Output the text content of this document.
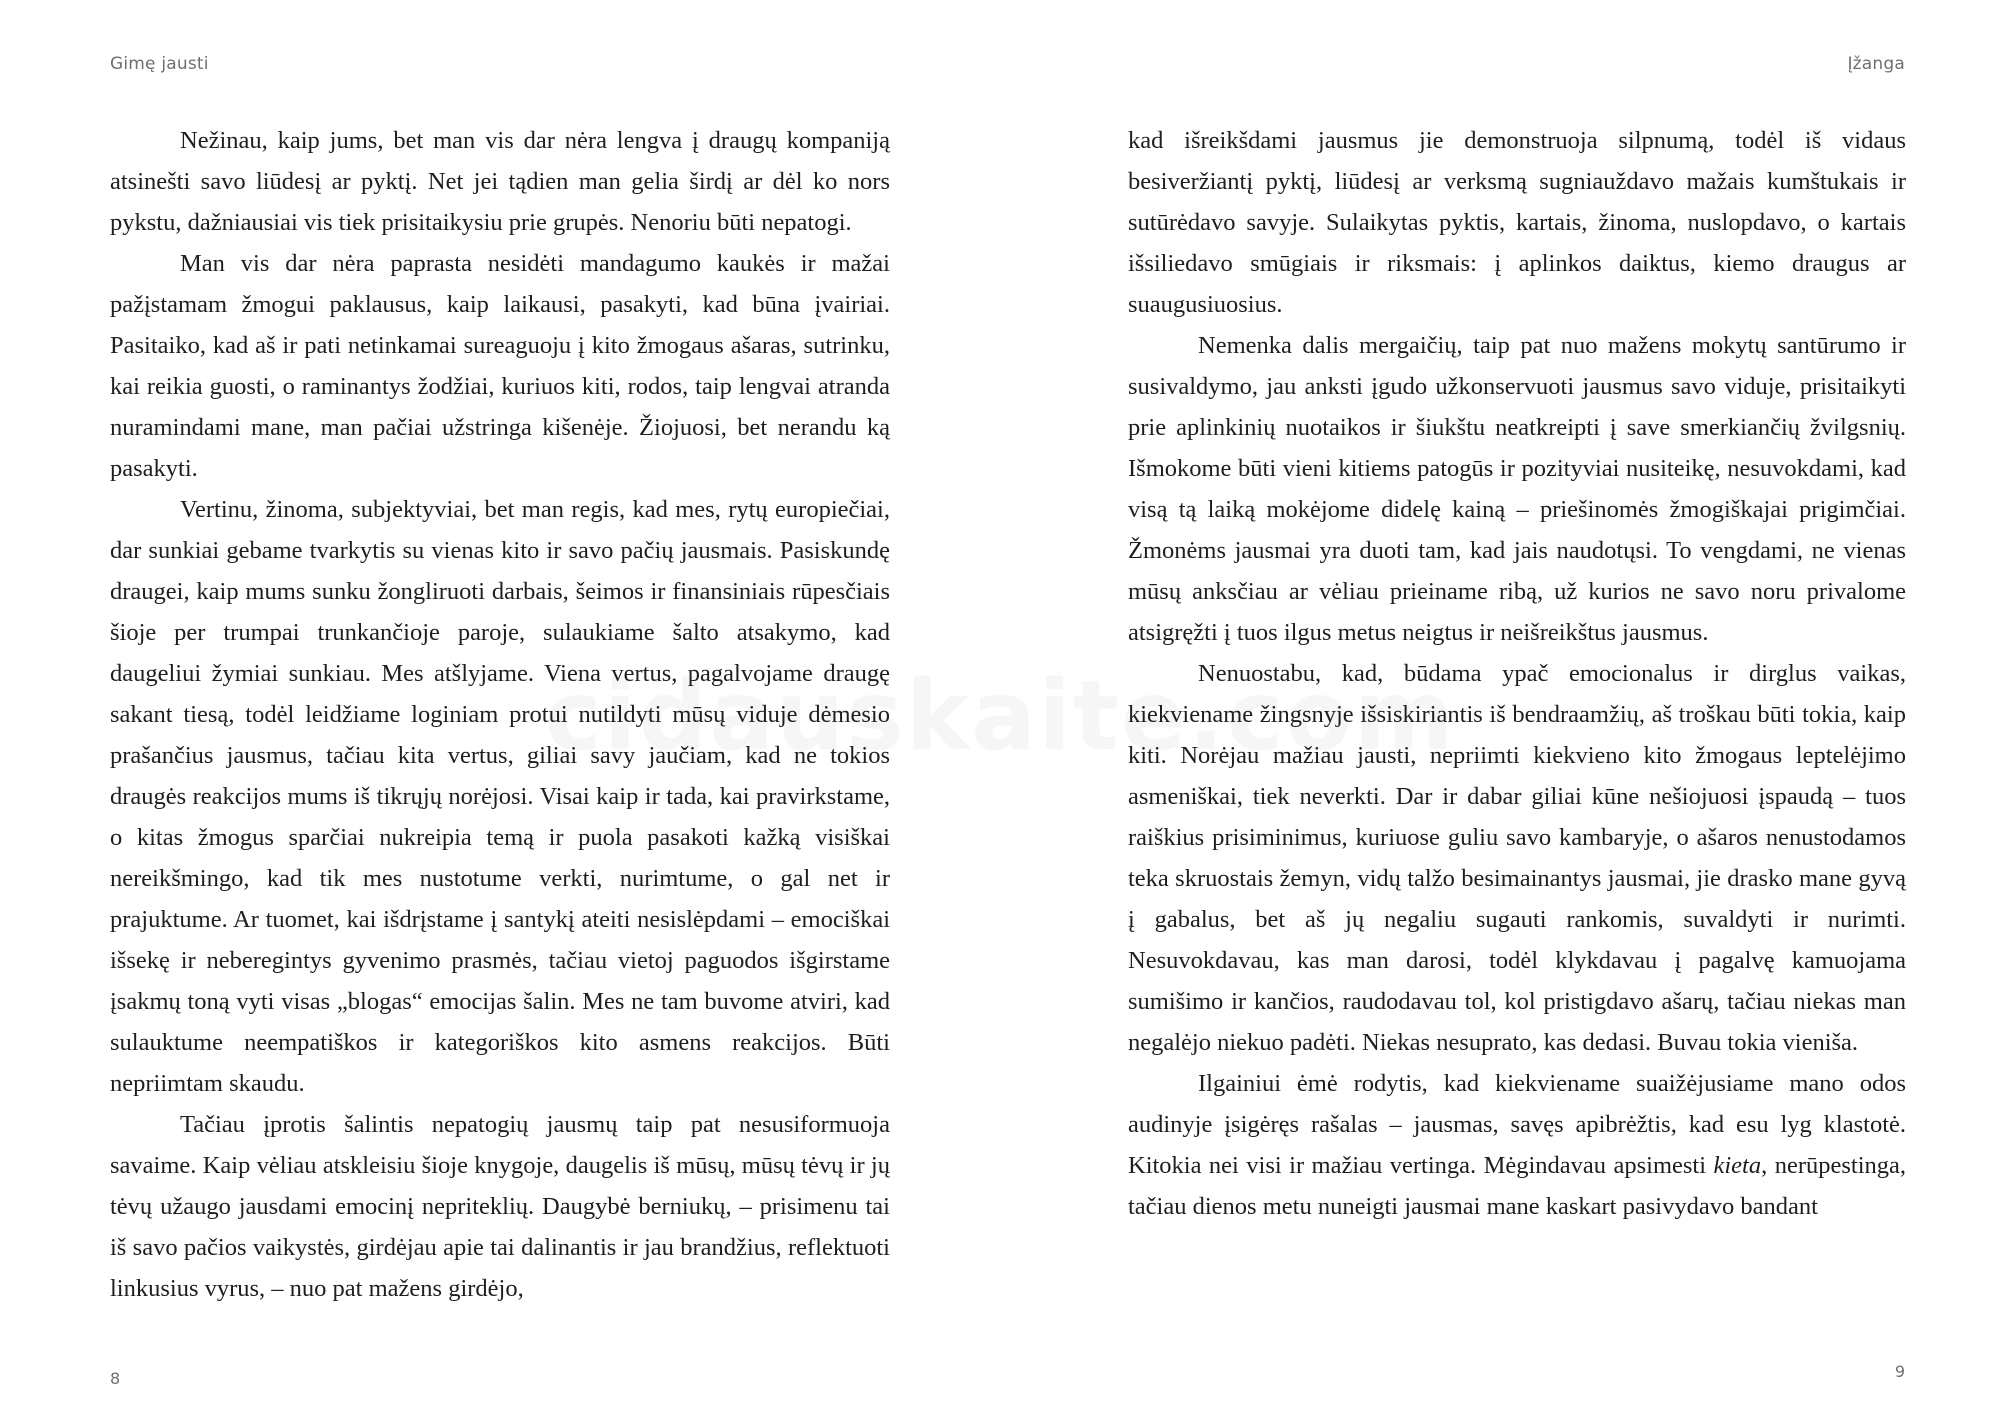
Gimę jausti	Įžanga

Nežinau, kaip jums, bet man vis dar nėra lengva į draugų kompaniją atsinešti savo liūdesį ar pyktį. Net jei tądien man gelia širdį ar dėl ko nors pykstu, dažniausiai vis tiek prisitaikysiu prie grupės. Nenoriu būti nepatogi.

Man vis dar nėra paprasta nesidėti mandagumo kaukės ir mažai pažįstamam žmogui paklausus, kaip laikausi, pasakyti, kad būna įvairiai. Pasitaiko, kad aš ir pati netinkamai sureaguoju į kito žmogaus ašaras, sutrinku, kai reikia guosti, o raminantys žodžiai, kuriuos kiti, rodos, taip lengvai atranda nuramindami mane, man pačiai užstringa kišenėje. Žiojuosi, bet nerandu ką pasakyti.

Vertinu, žinoma, subjektyviai, bet man regis, kad mes, rytų europiečiai, dar sunkiai gebame tvarkytis su vienas kito ir savo pačių jausmais. Pasiskundę draugei, kaip mums sunku žongliruoti darbais, šeimos ir finansiniais rūpesčiais šioje per trumpai trunkančioje paroje, sulaukiame šalto atsakymo, kad daugeliui žymiai sunkiau. Mes atšlyjame. Viena vertus, pagalvojame draugę sakant tiesą, todėl leidžiame loginiam protui nutildyti mūsų viduje dėmesio prašančius jausmus, tačiau kita vertus, giliai savy jaučiam, kad ne tokios draugės reakcijos mums iš tikrųjų norėjosi. Visai kaip ir tada, kai pravirkstame, o kitas žmogus sparčiai nukreipia temą ir puola pasakoti kažką visiškai nereikšmingo, kad tik mes nustotume verkti, nurimtume, o gal net ir prajuktume. Ar tuomet, kai išdrįstame į santykį ateiti nesislėpdami – emociškai išsekę ir neberegintys gyvenimo prasmės, tačiau vietoj paguodos išgirstame įsakmų toną vyti visas „blogas“ emocijas šalin. Mes ne tam buvome atviri, kad sulauktume neempatiškos ir kategoriškos kito asmens reakcijos. Būti nepriimtam skaudu.

Tačiau įprotis šalintis nepatogių jausmų taip pat nesusiformuoja savaime. Kaip vėliau atskleisiu šioje knygoje, daugelis iš mūsų, mūsų tėvų ir jų tėvų užaugo jausdami emocinį nepriteklių. Daugybė berniukų, – prisimenu tai iš savo pačios vaikystės, girdėjau apie tai dalinantis ir jau brandžius, reflektuoti linkusius vyrus, – nuo pat mažens girdėjo,

kad išreikšdami jausmus jie demonstruoja silpnumą, todėl iš vidaus besiveržiantį pyktį, liūdesį ar verksmą sugniauždavo mažais kumštukais ir sutūrėdavo savyje. Sulaikytas pyktis, kartais, žinoma, nuslopdavo, o kartais išsiliedavo smūgiais ir riksmais: į aplinkos daiktus, kiemo draugus ar suaugusiuosius.

Nemenka dalis mergaičių, taip pat nuo mažens mokytų santūrumo ir susivaldymo, jau anksti įgudo užkonservuoti jausmus savo viduje, prisitaikyti prie aplinkinių nuotaikos ir šiukštu neatkreipti į save smerkiančių žvilgsnių. Išmokome būti vieni kitiems patogūs ir pozityviai nusiteikę, nesuvokdami, kad visą tą laiką mokėjome didelę kainą – priešinomės žmogiškajai prigimčiai. Žmonėms jausmai yra duoti tam, kad jais naudotųsi. To vengdami, ne vienas mūsų anksčiau ar vėliau prieiname ribą, už kurios ne savo noru privalome atsigręžti į tuos ilgus metus neigtus ir neišreikštus jausmus.

Nenuostabu, kad, būdama ypač emocionalus ir dirglus vaikas, kiekviename žingsnyje išsiskiriantis iš bendraamžių, aš troškau būti tokia, kaip kiti. Norėjau mažiau jausti, nepriimti kiekvieno kito žmogaus leptelėjimo asmeniškai, tiek neverkti. Dar ir dabar giliai kūne nešiojuosi įspaudą – tuos raiškius prisiminimus, kuriuose guliu savo kambaryje, o ašaros nenustodamos teka skruostais žemyn, vidų talžo besimainantys jausmai, jie drasko mane gyvą į gabalus, bet aš jų negaliu sugauti rankomis, suvaldyti ir nurimti. Nesuvokdavau, kas man darosi, todėl klykdavau į pagalvę kamuojama sumišimo ir kančios, raudodavau tol, kol pristigdavo ašarų, tačiau niekas man negalėjo niekuo padėti. Niekas nesuprato, kas dedasi. Buvau tokia vieniša.

Ilgainiui ėmė rodytis, kad kiekviename suaižėjusiame mano odos audinyje įsigėręs rašalas – jausmas, savęs apibrėžtis, kad esu lyg klastotė. Kitokia nei visi ir mažiau vertinga. Mėgindavau apsimesti kieta, nerūpestinga, tačiau dienos metu nuneigti jausmai mane kaskart pasivydavo bandant

8	9
